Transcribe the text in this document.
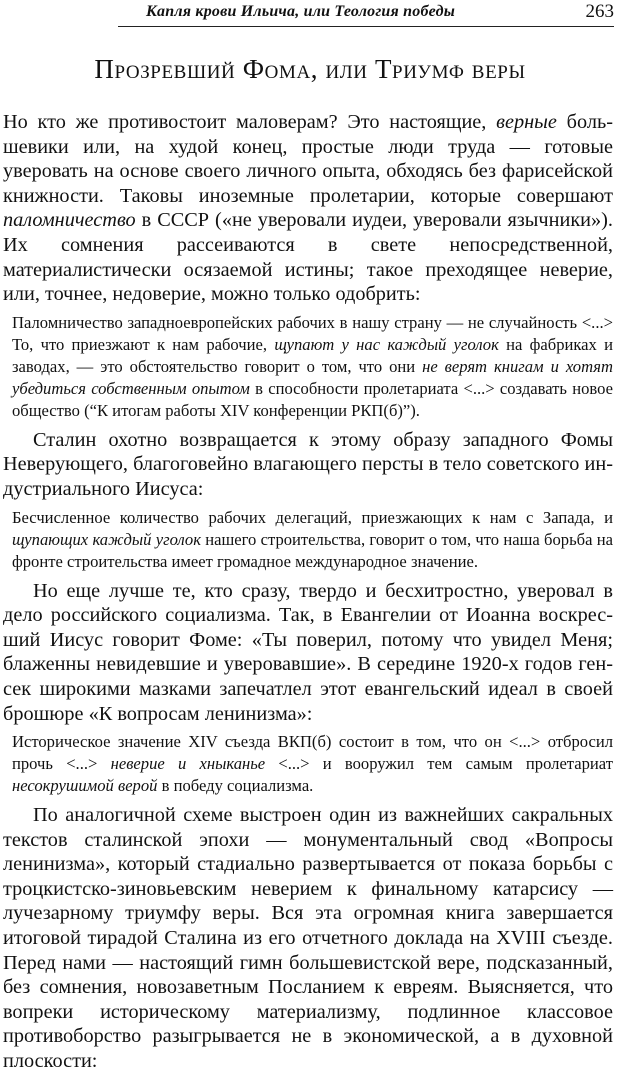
Капля крови Ильича, или Теология победы	263
Прозревший Фома, или Триумф веры

Но кто же противостоит маловерам? Это настоящие, верные большевики или, на худой конец, простые люди труда — готовые уверовать на основе своего личного опыта, обходясь без фарисейской книжности. Таковы иноземные пролетарии, которые совершают паломничество в СССР («не уверовали иудеи, уверовали язычники»). Их сомнения рассеиваются в свете непосредственной, материалистически осязаемой истины; такое преходящее неверие, или, точнее, недоверие, можно только одобрить:

Паломничество западноевропейских рабочих в нашу страну — не случайность <...> То, что приезжают к нам рабочие, щупают у нас каждый уголок на фабриках и заводах, — это обстоятельство говорит о том, что они не верят книгам и хотят убедиться собственным опытом в способности пролетариата <...> создавать новое общество (“К итогам работы XIV конференции РКП(б)”).

Сталин охотно возвращается к этому образу западного Фомы Неверующего, благоговейно влагающего персты в тело советского индустриального Иисуса:

Бесчисленное количество рабочих делегаций, приезжающих к нам с Запада, и щупающих каждый уголок нашего строительства, говорит о том, что наша борьба на фронте строительства имеет громадное международное значение.

Но еще лучше те, кто сразу, твердо и бесхитростно, уверовал в дело российского социализма. Так, в Евангелии от Иоанна воскресший Иисус говорит Фоме: «Ты поверил, потому что увидел Меня; блаженны невидевшие и уверовавшие». В середине 1920-х годов генсек широкими мазками запечатлел этот евангельский идеал в своей брошюре «К вопросам ленинизма»:

Историческое значение XIV съезда ВКП(б) состоит в том, что он <...> отбросил прочь <...> неверие и хныканье <...> и вооружил тем самым пролетариат несокрушимой верой в победу социализма.

По аналогичной схеме выстроен один из важнейших сакральных текстов сталинской эпохи — монументальный свод «Вопросы ленинизма», который стадиально развертывается от показа борьбы с троцкистско-зиновьевским неверием к финальному катарсису — лучезарному триумфу веры. Вся эта огромная книга завершается итоговой тирадой Сталина из его отчетного доклада на XVIII съезде. Перед нами — настоящий гимн большевистской вере, подсказанный, без сомнения, новозаветным Посланием к евреям. Выясняется, что вопреки историческому материализму, подлинное классовое противоборство разыгрывается не в экономической, а в духовной плоскости:
